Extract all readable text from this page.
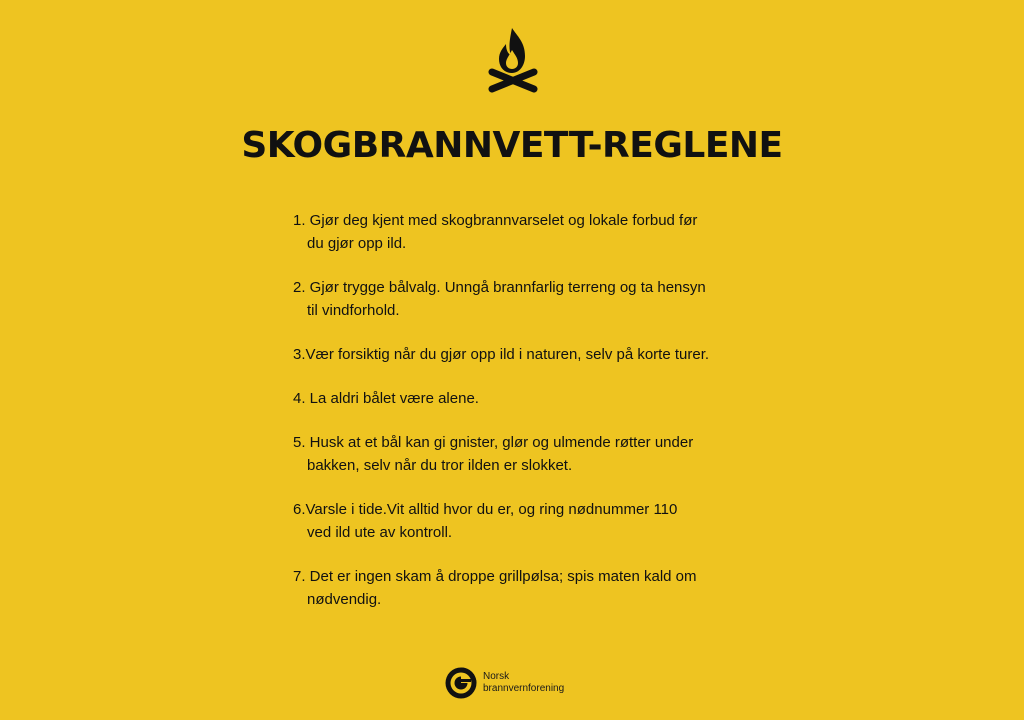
SKOGBRANNVETT-REGLENE
1. Gjør deg kjent med skogbrannvarselet og lokale forbud før
du gjør opp ild.
2. Gjør trygge bålvalg. Unngå brannfarlig terreng og ta hensyn
til vindforhold.
3.Vær forsiktig når du gjør opp ild i naturen, selv på korte turer.
4. La aldri bålet være alene.
5. Husk at et bål kan gi gnister, glør og ulmende røtter under
bakken, selv når du tror ilden er slokket.
6.Varsle i tide.Vit alltid hvor du er, og ring nødnummer 110
ved ild ute av kontroll.
7. Det er ingen skam å droppe grillpølsa; spis maten kald om
nødvendig.
Norsk
brannvernforening
